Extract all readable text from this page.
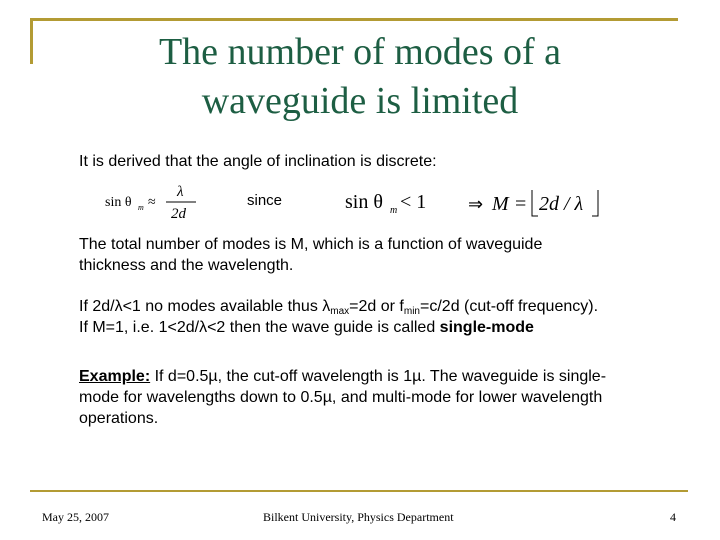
The number of modes of a
waveguide is limited
It is derived that the angle of inclination is discrete:
sin θ m ≈
λ
2d
since	sin θ m < 1 ⇒ M = 2d / λ
The total number of modes is M, which is a function of waveguide
thickness and the wavelength.
If 2d/λ<1 no modes available thus $\lambda_{max}=2d$ or $f_{min}=c/2d$ (cut-off frequency).
If M=1, i.e. 1<2d/λ<2 then the wave guide is called single-mode
Example: If d=0.5µ, the cut-off wavelength is 1µ. The waveguide is single-
mode for wavelengths down to 0.5µ, and multi-mode for lower wavelength
operations.
May 25, 2007	Bilkent University, Physics Department	4
